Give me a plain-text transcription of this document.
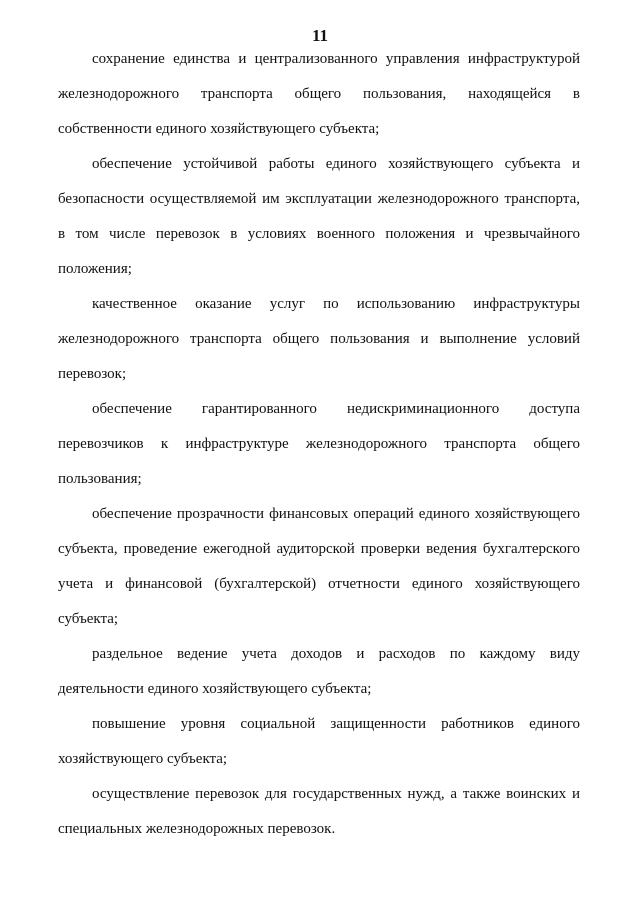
11

сохранение единства и централизованного управления инфраструктурой железнодорожного транспорта общего пользования, находящейся в собственности единого хозяйствующего субъекта;

обеспечение устойчивой работы единого хозяйствующего субъекта и безопасности осуществляемой им эксплуатации железнодорожного транспорта, в том числе перевозок в условиях военного положения и чрезвычайного положения;

качественное оказание услуг по использованию инфраструктуры железнодорожного транспорта общего пользования и выполнение условий перевозок;

обеспечение гарантированного недискриминационного доступа перевозчиков к инфраструктуре железнодорожного транспорта общего пользования;

обеспечение прозрачности финансовых операций единого хозяйствующего субъекта, проведение ежегодной аудиторской проверки ведения бухгалтерского учета и финансовой (бухгалтерской) отчетности единого хозяйствующего субъекта;

раздельное ведение учета доходов и расходов по каждому виду деятельности единого хозяйствующего субъекта;

повышение уровня социальной защищенности работников единого хозяйствующего субъекта;

осуществление перевозок для государственных нужд, а также воинских и специальных железнодорожных перевозок.
